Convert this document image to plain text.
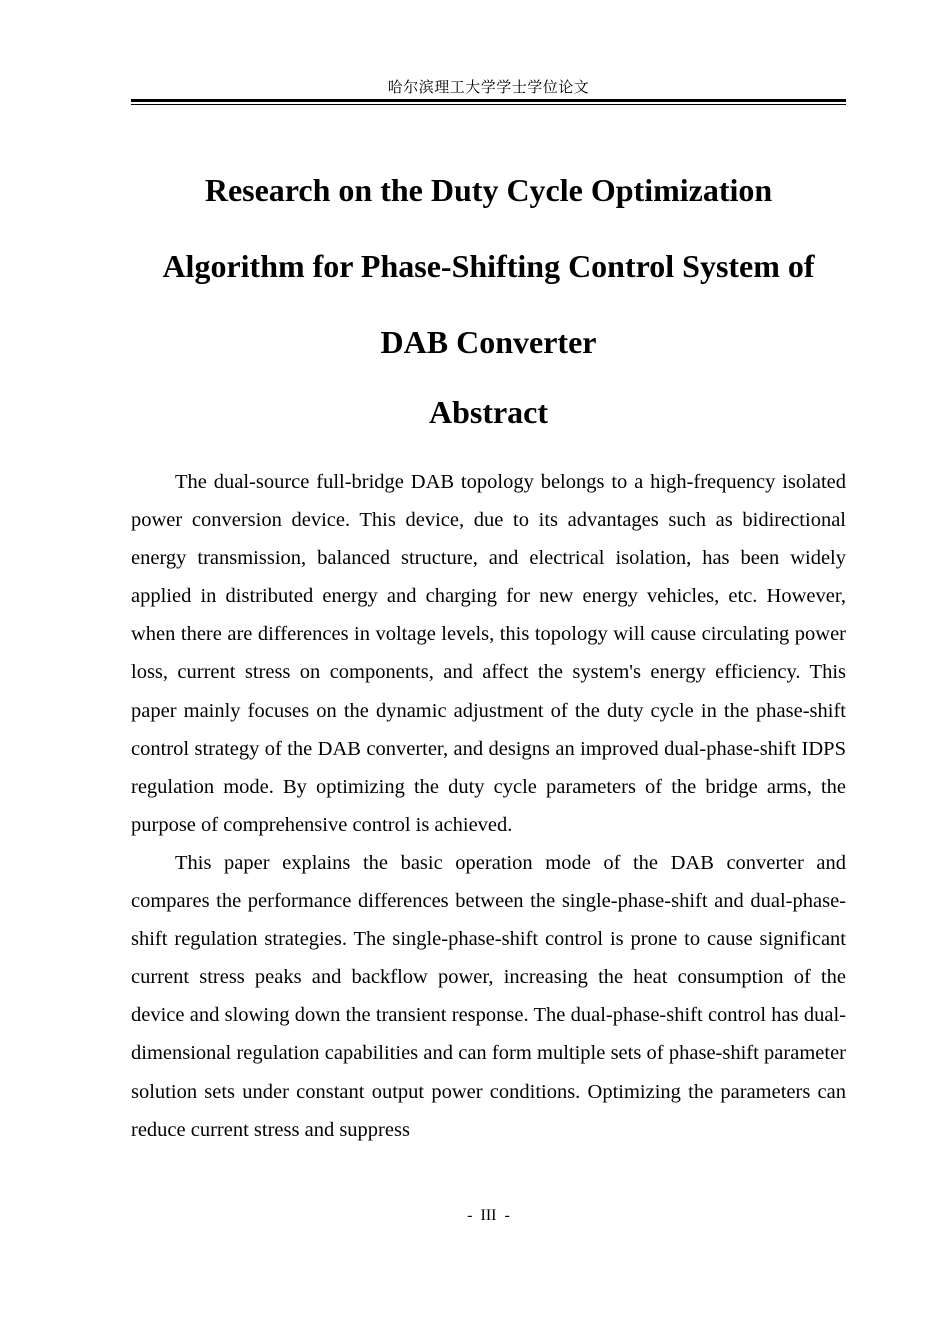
哈尔滨理工大学学士学位论文
Research on the Duty Cycle Optimization
Algorithm for Phase-Shifting Control System of
DAB Converter
Abstract

The dual-source full-bridge DAB topology belongs to a high-frequency isolated power conversion device. This device, due to its advantages such as bidirectional energy transmission, balanced structure, and electrical isolation, has been widely applied in distributed energy and charging for new energy vehicles, etc. However, when there are differences in voltage levels, this topology will cause circulating power loss, current stress on components, and affect the system's energy efficiency. This paper mainly focuses on the dynamic adjustment of the duty cycle in the phase-shift control strategy of the DAB converter, and designs an improved dual-phase-shift IDPS regulation mode. By optimizing the duty cycle parameters of the bridge arms, the purpose of comprehensive control is achieved.

This paper explains the basic operation mode of the DAB converter and compares the performance differences between the single-phase-shift and dual-phase-shift regulation strategies. The single-phase-shift control is prone to cause significant current stress peaks and backflow power, increasing the heat consumption of the device and slowing down the transient response. The dual-phase-shift control has dual-dimensional regulation capabilities and can form multiple sets of phase-shift parameter solution sets under constant output power conditions. Optimizing the parameters can reduce current stress and suppress

-  III  -
